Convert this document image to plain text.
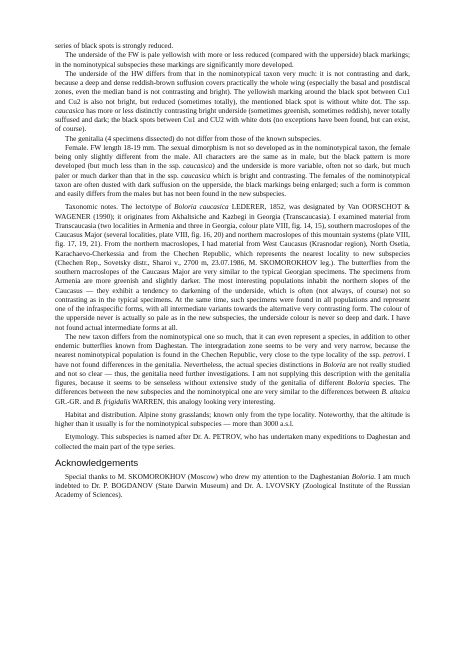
series of black spots is strongly reduced.

The underside of the FW is pale yellowish with more or less reduced (compared with the upperside) black markings; in the nominotypical subspecies these markings are significantly more developed.

The underside of the HW differs from that in the nominotypical taxon very much: it is not contrasting and dark, because a deep and dense reddish-brown suffusion covers practically the whole wing (especially the basal and postdiscal zones, even the median band is not contrasting and bright). The yellowish marking around the black spot between Cu1 and Cu2 is also not bright, but reduced (sometimes totally), the mentioned black spot is without white dot. The ssp. caucasica has more or less distinctly contrasting bright underside (sometimes greenish, sometimes reddish), never totally suffused and dark; the black spots between Cu1 and CU2 with white dots (no exceptions have been found, but can exist, of course).

The genitalia (4 specimens dissected) do not differ from those of the known subspecies.

Female. FW length 18-19 mm. The sexual dimorphism is not so developed as in the nominotypical taxon, the female being only slightly different from the male. All characters are the same as in male, but the black pattern is more developed (but much less than in the ssp. caucasica) and the underside is more variable, often not so dark, but much paler or much darker than that in the ssp. caucasica which is bright and contrasting. The females of the nominotypical taxon are often dusted with dark suffusion on the upperside, the black markings being enlarged; such a form is common and easily differs from the males but has not been found in the new subspecies.

Taxonomic notes. The lectotype of Boloria caucasica LEDERER, 1852, was designated by Van OORSCHOT & WAGENER (1990); it originates from Akhaltsiche and Kazbegi in Georgia (Transcaucasia). I examined material from Transcaucasia (two localities in Armenia and three in Georgia, colour plate VIII, fig. 14, 15), southern macroslopes of the Caucasus Major (several localities, plate VIII, fig. 16, 20) and northern macroslopes of this mountain systems (plate VIII, fig. 17, 19, 21). From the northern macroslopes, I had material from West Caucasus (Krasnodar region), North Osetia, Karachaevo-Cherkessia and from the Chechen Republic, which represents the nearest locality to new subspecies (Chechen Rep., Sovetsky distr., Sharoi v., 2700 m, 23.07.1986, M. SKOMOROKHOV leg.). The butterflies from the southern macroslopes of the Caucasus Major are very similar to the typical Georgian specimens. The specimens from Armenia are more greenish and slightly darker. The most interesting populations inhabit the northern slopes of the Caucasus — they exhibit a tendency to darkening of the underside, which is often (not always, of course) not so contrasting as in the typical specimens. At the same time, such specimens were found in all populations and represent one of the infraspecific forms, with all intermediate variants towards the alternative very contrasting form. The colour of the upperside never is actually so pale as in the new subspecies, the underside colour is never so deep and dark. I have not found actual intermediate forms at all.

The new taxon differs from the nominotypical one so much, that it can even represent a species, in addition to other endemic butterflies known from Daghestan. The intergradation zone seems to be very and very narrow, because the nearest nominotypical population is found in the Chechen Republic, very close to the type locality of the ssp. petrovi. I have not found differences in the genitalia. Nevertheless, the actual species distinctions in Boloria are not really studied and not so clear — thus, the genitalia need further investigations. I am not supplying this description with the genitalia figures, because it seems to be senseless without extensive study of the genitalia of different Boloria species. The differences between the new subspecies and the nominotypical one are very similar to the differences between B. altaica GR.-GR. and B. frigidalis WARREN, this analogy looking very interesting.

Habitat and distribution. Alpine stony grasslands; known only from the type locality. Noteworthy, that the altitude is higher than it usually is for the nominotypical subspecies — more than 3000 a.s.l.

Etymology. This subspecies is named after Dr. A. PETROV, who has undertaken many expeditions to Daghestan and collected the main part of the type series.

Acknowledgements

Special thanks to M. SKOMOROKHOV (Moscow) who drew my attention to the Daghestanian Boloria. I am much indebted to Dr. P. BOGDANOV (State Darwin Museum) and Dr. A. LVOVSKY (Zoological Institute of the Russian Academy of Sciences).
